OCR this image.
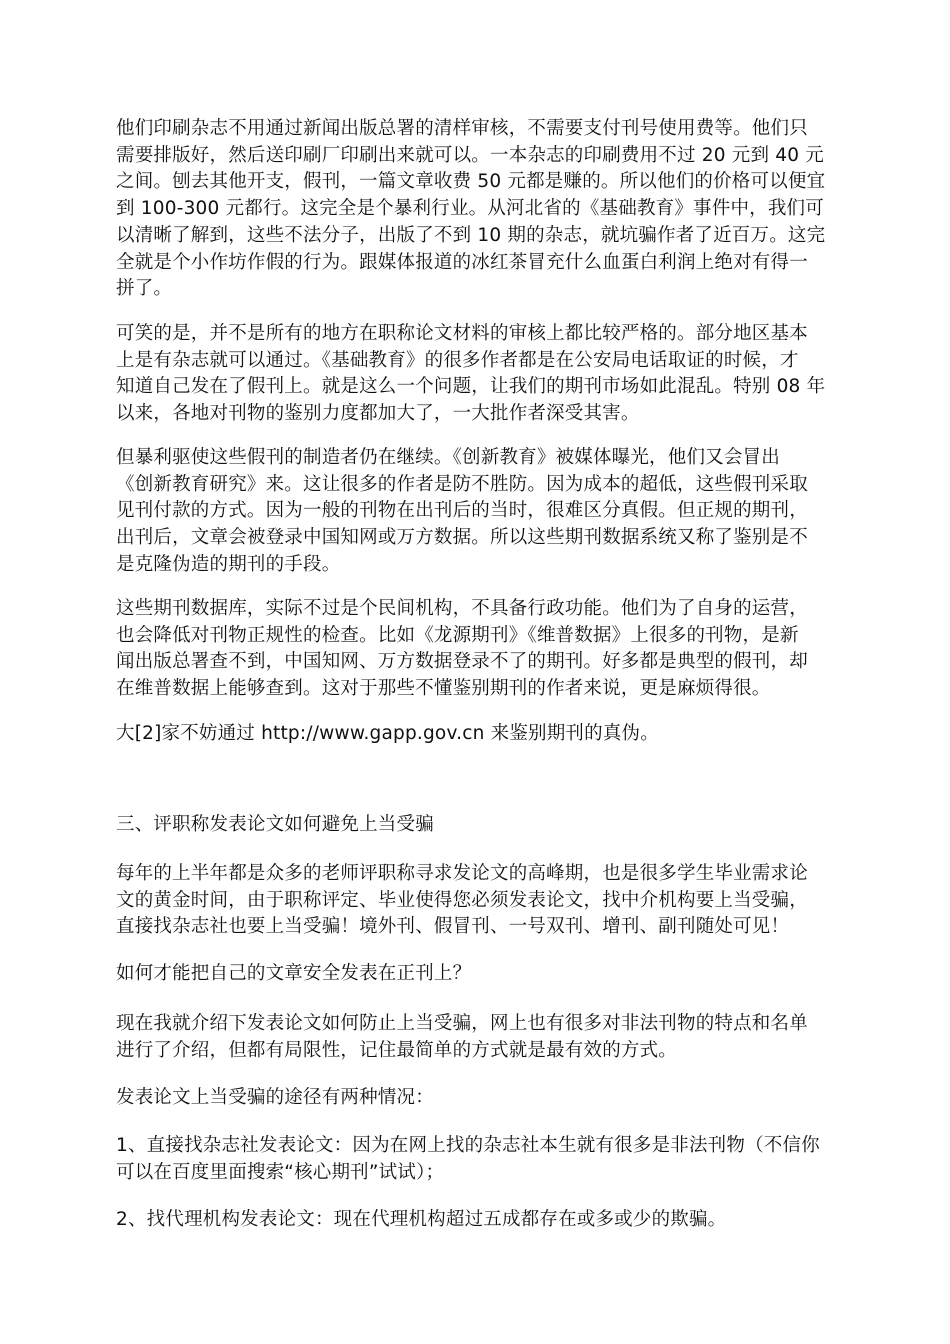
他们印刷杂志不用通过新闻出版总署的清样审核，不需要支付刊号使用费等。他们只
需要排版好，然后送印刷厂印刷出来就可以。一本杂志的印刷费用不过 20 元到 40 元
之间。刨去其他开支，假刊，一篇文章收费 50 元都是赚的。所以他们的价格可以便宜
到 100-300 元都行。这完全是个暴利行业。从河北省的《基础教育》事件中，我们可
以清晰了解到，这些不法分子，出版了不到 10 期的杂志，就坑骗作者了近百万。这完
全就是个小作坊作假的行为。跟媒体报道的冰红茶冒充什么血蛋白利润上绝对有得一
拼了。

可笑的是，并不是所有的地方在职称论文材料的审核上都比较严格的。部分地区基本
上是有杂志就可以通过。《基础教育》的很多作者都是在公安局电话取证的时候，才
知道自己发在了假刊上。就是这么一个问题，让我们的期刊市场如此混乱。特别 08 年
以来，各地对刊物的鉴别力度都加大了，一大批作者深受其害。

但暴利驱使这些假刊的制造者仍在继续。《创新教育》被媒体曝光，他们又会冒出
《创新教育研究》来。这让很多的作者是防不胜防。因为成本的超低，这些假刊采取
见刊付款的方式。因为一般的刊物在出刊后的当时，很难区分真假。但正规的期刊，
出刊后，文章会被登录中国知网或万方数据。所以这些期刊数据系统又称了鉴别是不
是克隆伪造的期刊的手段。

这些期刊数据库，实际不过是个民间机构，不具备行政功能。他们为了自身的运营，
也会降低对刊物正规性的检查。比如《龙源期刊》《维普数据》上很多的刊物，是新
闻出版总署查不到，中国知网、万方数据登录不了的期刊。好多都是典型的假刊，却
在维普数据上能够查到。这对于那些不懂鉴别期刊的作者来说，更是麻烦得很。

大[2]家不妨通过 http://www.gapp.gov.cn 来鉴别期刊的真伪。

三、评职称发表论文如何避免上当受骗

每年的上半年都是众多的老师评职称寻求发论文的高峰期，也是很多学生毕业需求论
文的黄金时间，由于职称评定、毕业使得您必须发表论文，找中介机构要上当受骗，
直接找杂志社也要上当受骗！境外刊、假冒刊、一号双刊、增刊、副刊随处可见！

如何才能把自己的文章安全发表在正刊上？

现在我就介绍下发表论文如何防止上当受骗，网上也有很多对非法刊物的特点和名单
进行了介绍，但都有局限性，记住最简单的方式就是最有效的方式。

发表论文上当受骗的途径有两种情况：

1、直接找杂志社发表论文：因为在网上找的杂志社本生就有很多是非法刊物（不信你
可以在百度里面搜索“核心期刊”试试）；

2、找代理机构发表论文：现在代理机构超过五成都存在或多或少的欺骗。
